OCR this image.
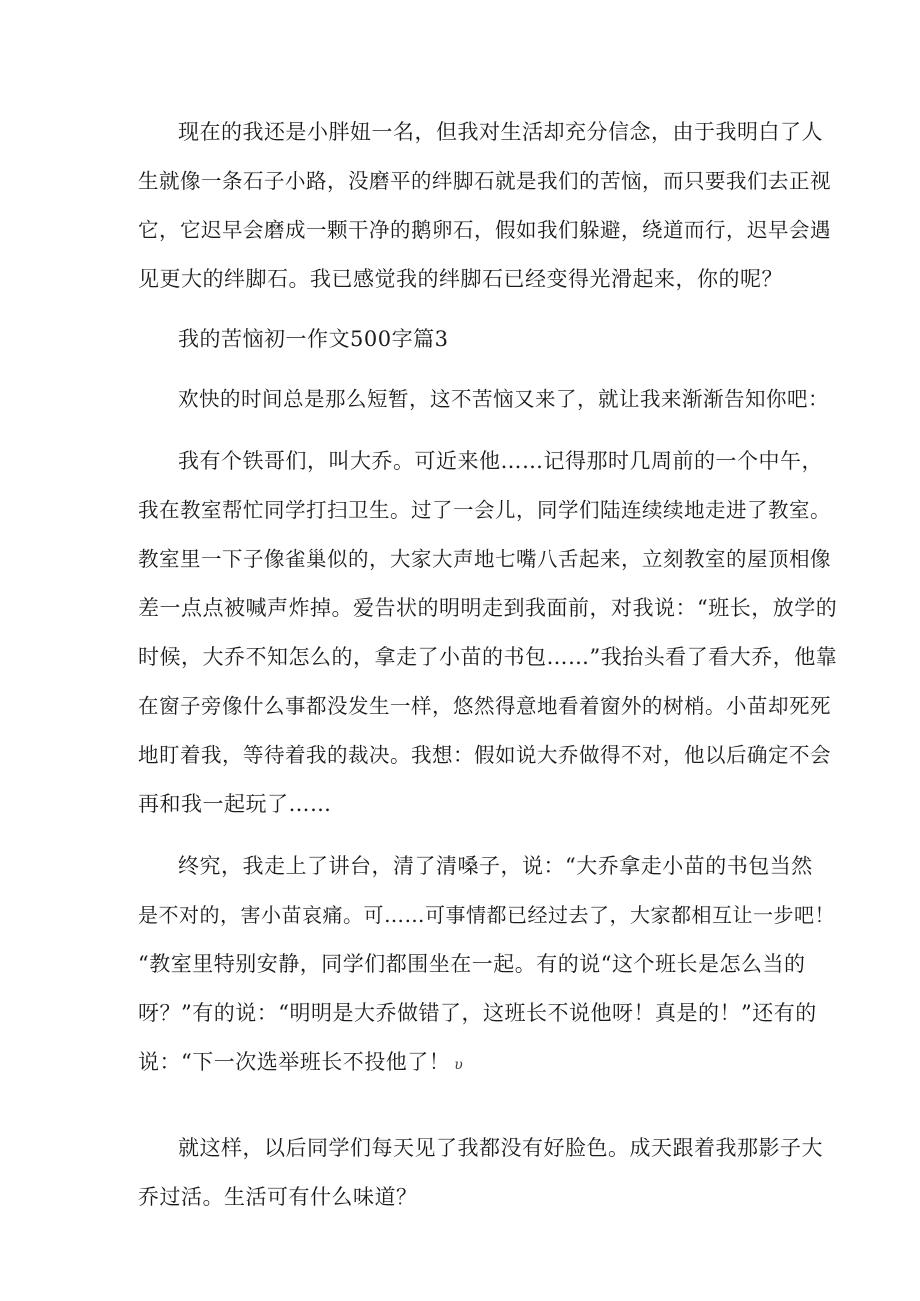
现在的我还是小胖妞一名，但我对生活却充分信念，由于我明白了人
生就像一条石子小路，没磨平的绊脚石就是我们的苦恼，而只要我们去正视
它，它迟早会磨成一颗干净的鹅卵石，假如我们躲避，绕道而行，迟早会遇
见更大的绊脚石。我已感觉我的绊脚石已经变得光滑起来，你的呢？
我的苦恼初一作文500字篇3
欢快的时间总是那么短暂，这不苦恼又来了，就让我来渐渐告知你吧：
我有个铁哥们，叫大乔。可近来他……记得那时几周前的一个中午，
我在教室帮忙同学打扫卫生。过了一会儿，同学们陆连续续地走进了教室。
教室里一下子像雀巢似的，大家大声地七嘴八舌起来，立刻教室的屋顶相像
差一点点被喊声炸掉。爱告状的明明走到我面前，对我说：“班长，放学的
时候，大乔不知怎么的，拿走了小苗的书包……”我抬头看了看大乔，他靠
在窗子旁像什么事都没发生一样，悠然得意地看着窗外的树梢。小苗却死死
地盯着我，等待着我的裁决。我想：假如说大乔做得不对，他以后确定不会
再和我一起玩了……
终究，我走上了讲台，清了清嗓子，说：“大乔拿走小苗的书包当然
是不对的，害小苗哀痛。可……可事情都已经过去了，大家都相互让一步吧！
“教室里特别安静，同学们都围坐在一起。有的说“这个班长是怎么当的
呀？”有的说：“明明是大乔做错了，这班长不说他呀！真是的！”还有的
说：“下一次选举班长不投他了！ υ
就这样，以后同学们每天见了我都没有好脸色。成天跟着我那影子大
乔过活。生活可有什么味道？
